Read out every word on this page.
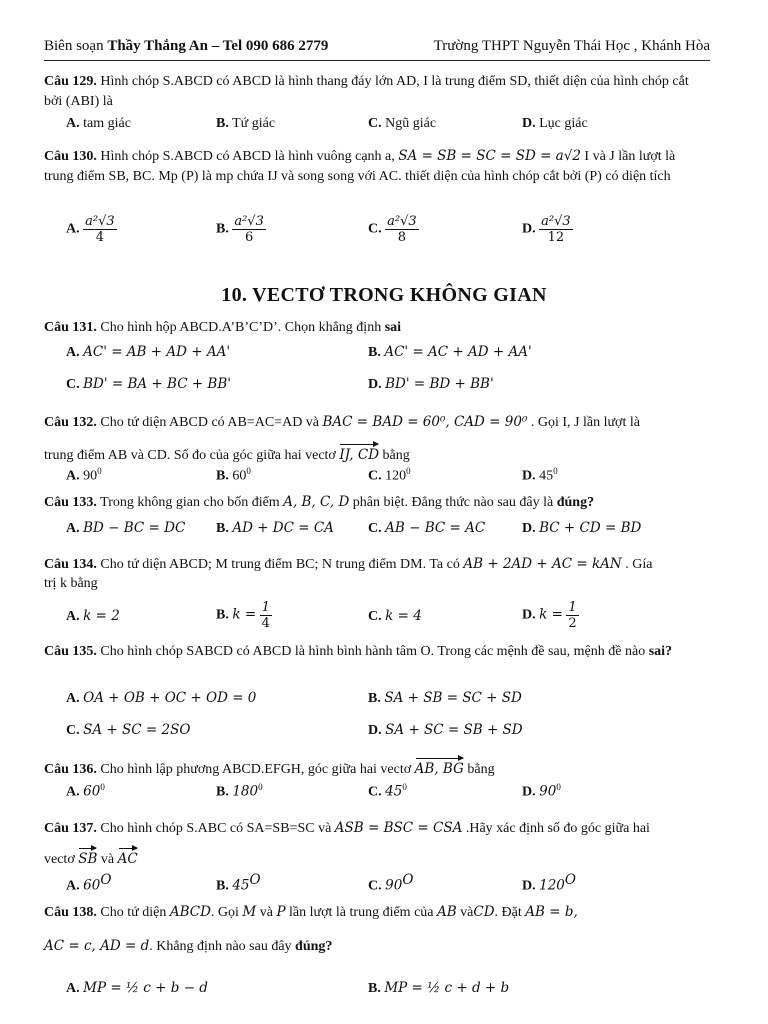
Biên soạn Thầy Thắng An – Tel 090 686 2779	Trường THPT Nguyễn Thái Học , Khánh Hòa
Câu 129. Hình chóp S.ABCD có ABCD là hình thang đáy lớn AD, I là trung điểm SD, thiết diện của hình chóp cắt bởi (ABI) là
A. tam giác	B. Tứ giác	C. Ngũ giác	D. Lục giác
Câu 130. Hình chóp S.ABCD có ABCD là hình vuông cạnh a, SA = SB = SC = SD = a√2 I và J lần lượt là trung điểm SB, BC. Mp (P) là mp chứa IJ và song song với AC. thiết diện của hình chóp cắt bởi (P) có diện tích
A. $\frac{\text{a²√3}}{4}$	B. $\frac{\text{a²√3}}{6}$	C. $\frac{\text{a²√3}}{8}$	D. $\frac{\text{a²√3}}{12}$
10. VECTƠ TRONG KHÔNG GIAN
Câu 131. Cho hình hộp ABCD.A’B’C’D’. Chọn khẳng định sai
A. AC' = AB + AD + AA'	B. AC' = AC + AD + AA'
C. BD' = BA + BC + BB'	D. BD' = BD + BB'
Câu 132. Cho tứ diện ABCD có AB=AC=AD và BAC = BAD = 60⁰, CAD = 90⁰ . Gọi I, J lần lượt là
trung điểm AB và CD. Số đo của góc giữa hai vectơ IJ, CD bằng
A. $90^0$	B. $60^0$	C. $120^0$	D. $45^0$
Câu 133. Trong không gian cho bốn điểm A, B, C, D phân biệt. Đẳng thức nào sau đây là đúng?
A. BD − BC = DC B. AD + DC = CA C. AB − BC = AC	D. BC + CD = BD
Câu 134. Cho tứ diện ABCD; M trung điểm BC; N trung điểm DM. Ta có AB + 2AD + AC = kAN . Gía
trị k bằng
A. k = 2	B. $k = \frac{1}{4}$	C. k = 4	D. $k = \frac{1}{2}$
Câu 135. Cho hình chóp SABCD có ABCD là hình bình hành tâm O. Trong các mệnh đề sau, mệnh đề nào sai?
A. OA + OB + OC + OD = 0	B. SA + SB = SC + SD
C. SA + SC = 2SO	D. SA + SC = SB + SD
Câu 136. Cho hình lập phương ABCD.EFGH, góc giữa hai vectơ AB, BG bằng
A. $60^0$	B. $180^0$	C. $45^0$	D. $90^0$
Câu 137. Cho hình chóp S.ABC có SA=SB=SC và ASB = BSC = CSA .Hãy xác định số đo góc giữa hai
vectơ SB và AC
A. $60^O$	B. $45^O$	C. $90^O$	D. $120^O$
Câu 138. Cho tứ diện ABCD. Gọi M và P lần lượt là trung điểm của AB vàCD. Đặt AB = b,
AC = c, AD = d. Khẳng định nào sau đây đúng?
A. MP = ½ c + b − d	B. MP = ½ c + d + b
